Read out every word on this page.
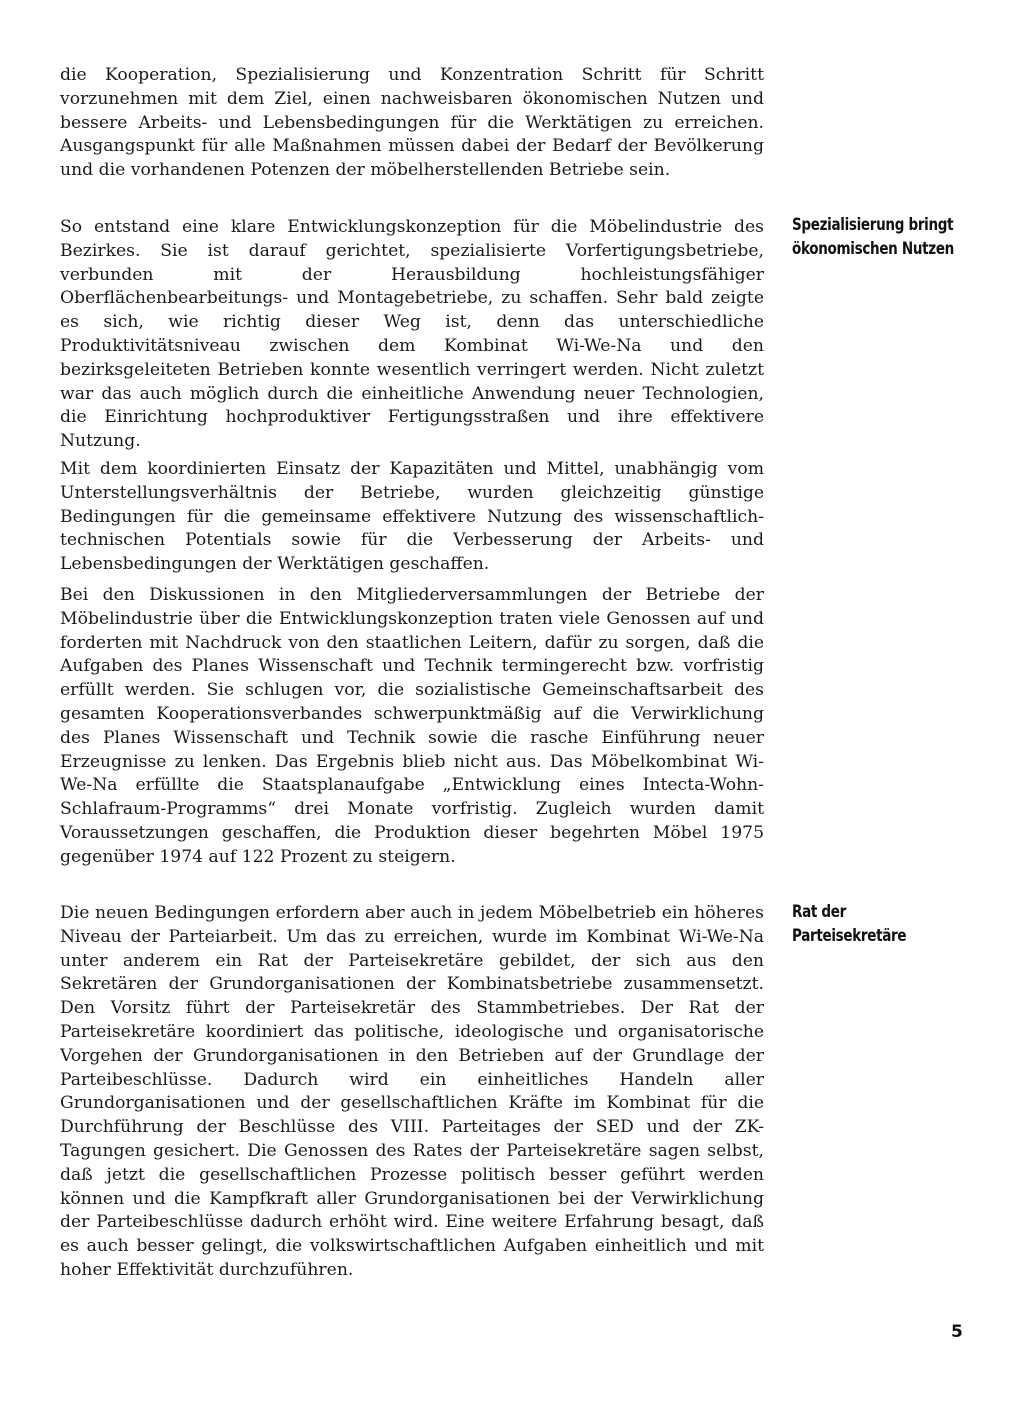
die Kooperation, Spezialisierung und Konzentration Schritt für Schritt vorzunehmen mit dem Ziel, einen nachweisbaren ökonomischen Nutzen und bessere Arbeits- und Lebensbedingungen für die Werktätigen zu erreichen. Ausgangspunkt für alle Maßnahmen müssen dabei der Bedarf der Bevölkerung und die vorhandenen Potenzen der möbelherstellenden Betriebe sein.

So entstand eine klare Entwicklungskonzeption für die Möbelindustrie des Bezirkes. Sie ist darauf gerichtet, spezialisierte Vorfertigungsbetriebe, verbunden mit der Herausbildung hochleistungsfähiger Oberflächenbearbeitungs- und Montagebetriebe, zu schaffen. Sehr bald zeigte es sich, wie richtig dieser Weg ist, denn das unterschiedliche Produktivitätsniveau zwischen dem Kombinat Wi-We-Na und den bezirksgeleiteten Betrieben konnte wesentlich verringert werden. Nicht zuletzt war das auch möglich durch die einheitliche Anwendung neuer Technologien, die Einrichtung hochproduktiver Fertigungsstraßen und ihre effektivere Nutzung.

Mit dem koordinierten Einsatz der Kapazitäten und Mittel, unabhängig vom Unterstellungsverhältnis der Betriebe, wurden gleichzeitig günstige Bedingungen für die gemeinsame effektivere Nutzung des wissenschaftlich-technischen Potentials sowie für die Verbesserung der Arbeits- und Lebensbedingungen der Werktätigen geschaffen.

Bei den Diskussionen in den Mitgliederversammlungen der Betriebe der Möbelindustrie über die Entwicklungskonzeption traten viele Genossen auf und forderten mit Nachdruck von den staatlichen Leitern, dafür zu sorgen, daß die Aufgaben des Planes Wissenschaft und Technik termingerecht bzw. vorfristig erfüllt werden. Sie schlugen vor, die sozialistische Gemeinschaftsarbeit des gesamten Kooperationsverbandes schwerpunktmäßig auf die Verwirklichung des Planes Wissenschaft und Technik sowie die rasche Einführung neuer Erzeugnisse zu lenken. Das Ergebnis blieb nicht aus. Das Möbelkombinat Wi-We-Na erfüllte die Staatsplanaufgabe „Entwicklung eines Intecta-Wohn-Schlafraum-Programms“ drei Monate vorfristig. Zugleich wurden damit Voraussetzungen geschaffen, die Produktion dieser begehrten Möbel 1975 gegenüber 1974 auf 122 Prozent zu steigern.

Die neuen Bedingungen erfordern aber auch in jedem Möbelbetrieb ein höheres Niveau der Parteiarbeit. Um das zu erreichen, wurde im Kombinat Wi-We-Na unter anderem ein Rat der Parteisekretäre gebildet, der sich aus den Sekretären der Grundorganisationen der Kombinatsbetriebe zusammensetzt. Den Vorsitz führt der Parteisekretär des Stammbetriebes. Der Rat der Parteisekretäre koordiniert das politische, ideologische und organisatorische Vorgehen der Grundorganisationen in den Betrieben auf der Grundlage der Parteibeschlüsse. Dadurch wird ein einheitliches Handeln aller Grundorganisationen und der gesellschaftlichen Kräfte im Kombinat für die Durchführung der Beschlüsse des VIII. Parteitages der SED und der ZK-Tagungen gesichert. Die Genossen des Rates der Parteisekretäre sagen selbst, daß jetzt die gesellschaftlichen Prozesse politisch besser geführt werden können und die Kampfkraft aller Grundorganisationen bei der Verwirklichung der Parteibeschlüsse dadurch erhöht wird. Eine weitere Erfahrung besagt, daß es auch besser gelingt, die volkswirtschaftlichen Aufgaben einheitlich und mit hoher Effektivität durchzuführen.

Spezialisierung bringt
ökonomischen Nutzen
Rat der
Parteisekretäre
5
